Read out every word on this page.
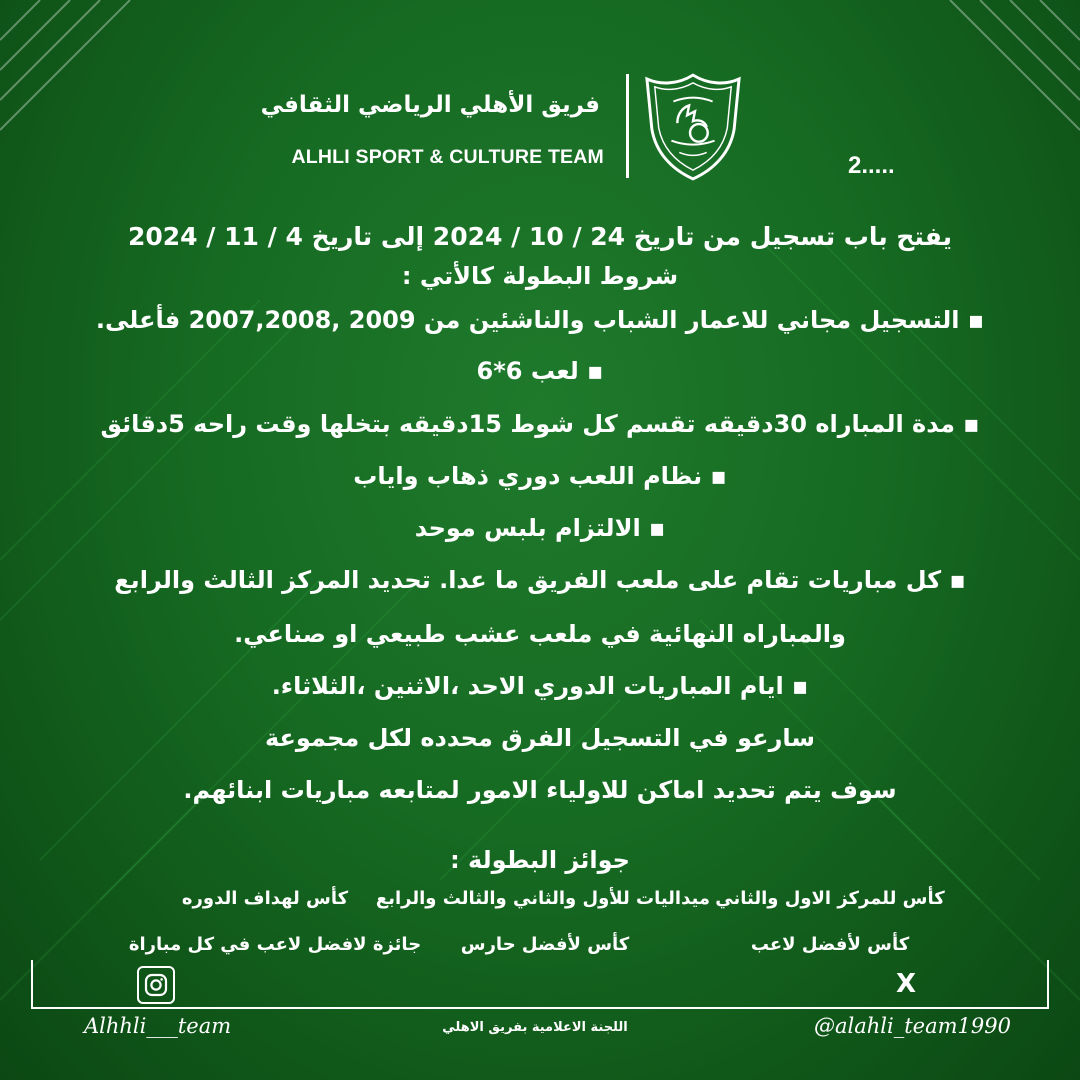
فريق الأهلي الرياضي الثقافي
ALHLI SPORT & CULTURE TEAM	2.....
يفتح باب تسجيل من تاريخ 24 / 10 / 2024 إلى تاريخ 4 / 11 / 2024
شروط البطولة كالأتي :
▪︎ التسجيل مجاني للاعمار الشباب والناشئين من 2009 ,2007,2008 فأعلى.
▪︎ لعب 6*6
▪︎ مدة المباراه 30دقيقه تقسم كل شوط 15دقيقه بتخلها وقت راحه 5دقائق
▪︎ نظام اللعب دوري ذهاب واياب
▪︎ الالتزام بلبس موحد
▪︎ كل مباريات تقام على ملعب الفريق ما عدا. تحديد المركز الثالث والرابع
والمباراه النهائية في ملعب عشب طبيعي او صناعي.
▪︎ ايام المباريات الدوري الاحد ،الاثنين ،الثلاثاء.
سارعو في التسجيل الفرق محدده لكل مجموعة
سوف يتم تحديد اماكن للاولياء الامور لمتابعه مباريات ابنائهم.
جوائز البطولة :
كأس للمركز الاول والثاني
ميداليات للأول والثاني والثالث والرابع
كأس لهداف الدوره
كأس لأفضل لاعب
كأس لأفضل حارس
جائزة لافضل لاعب في كل مباراة
Alhhli___team
X
@alahli_team1990
اللجنة الاعلامية بفريق الاهلي
